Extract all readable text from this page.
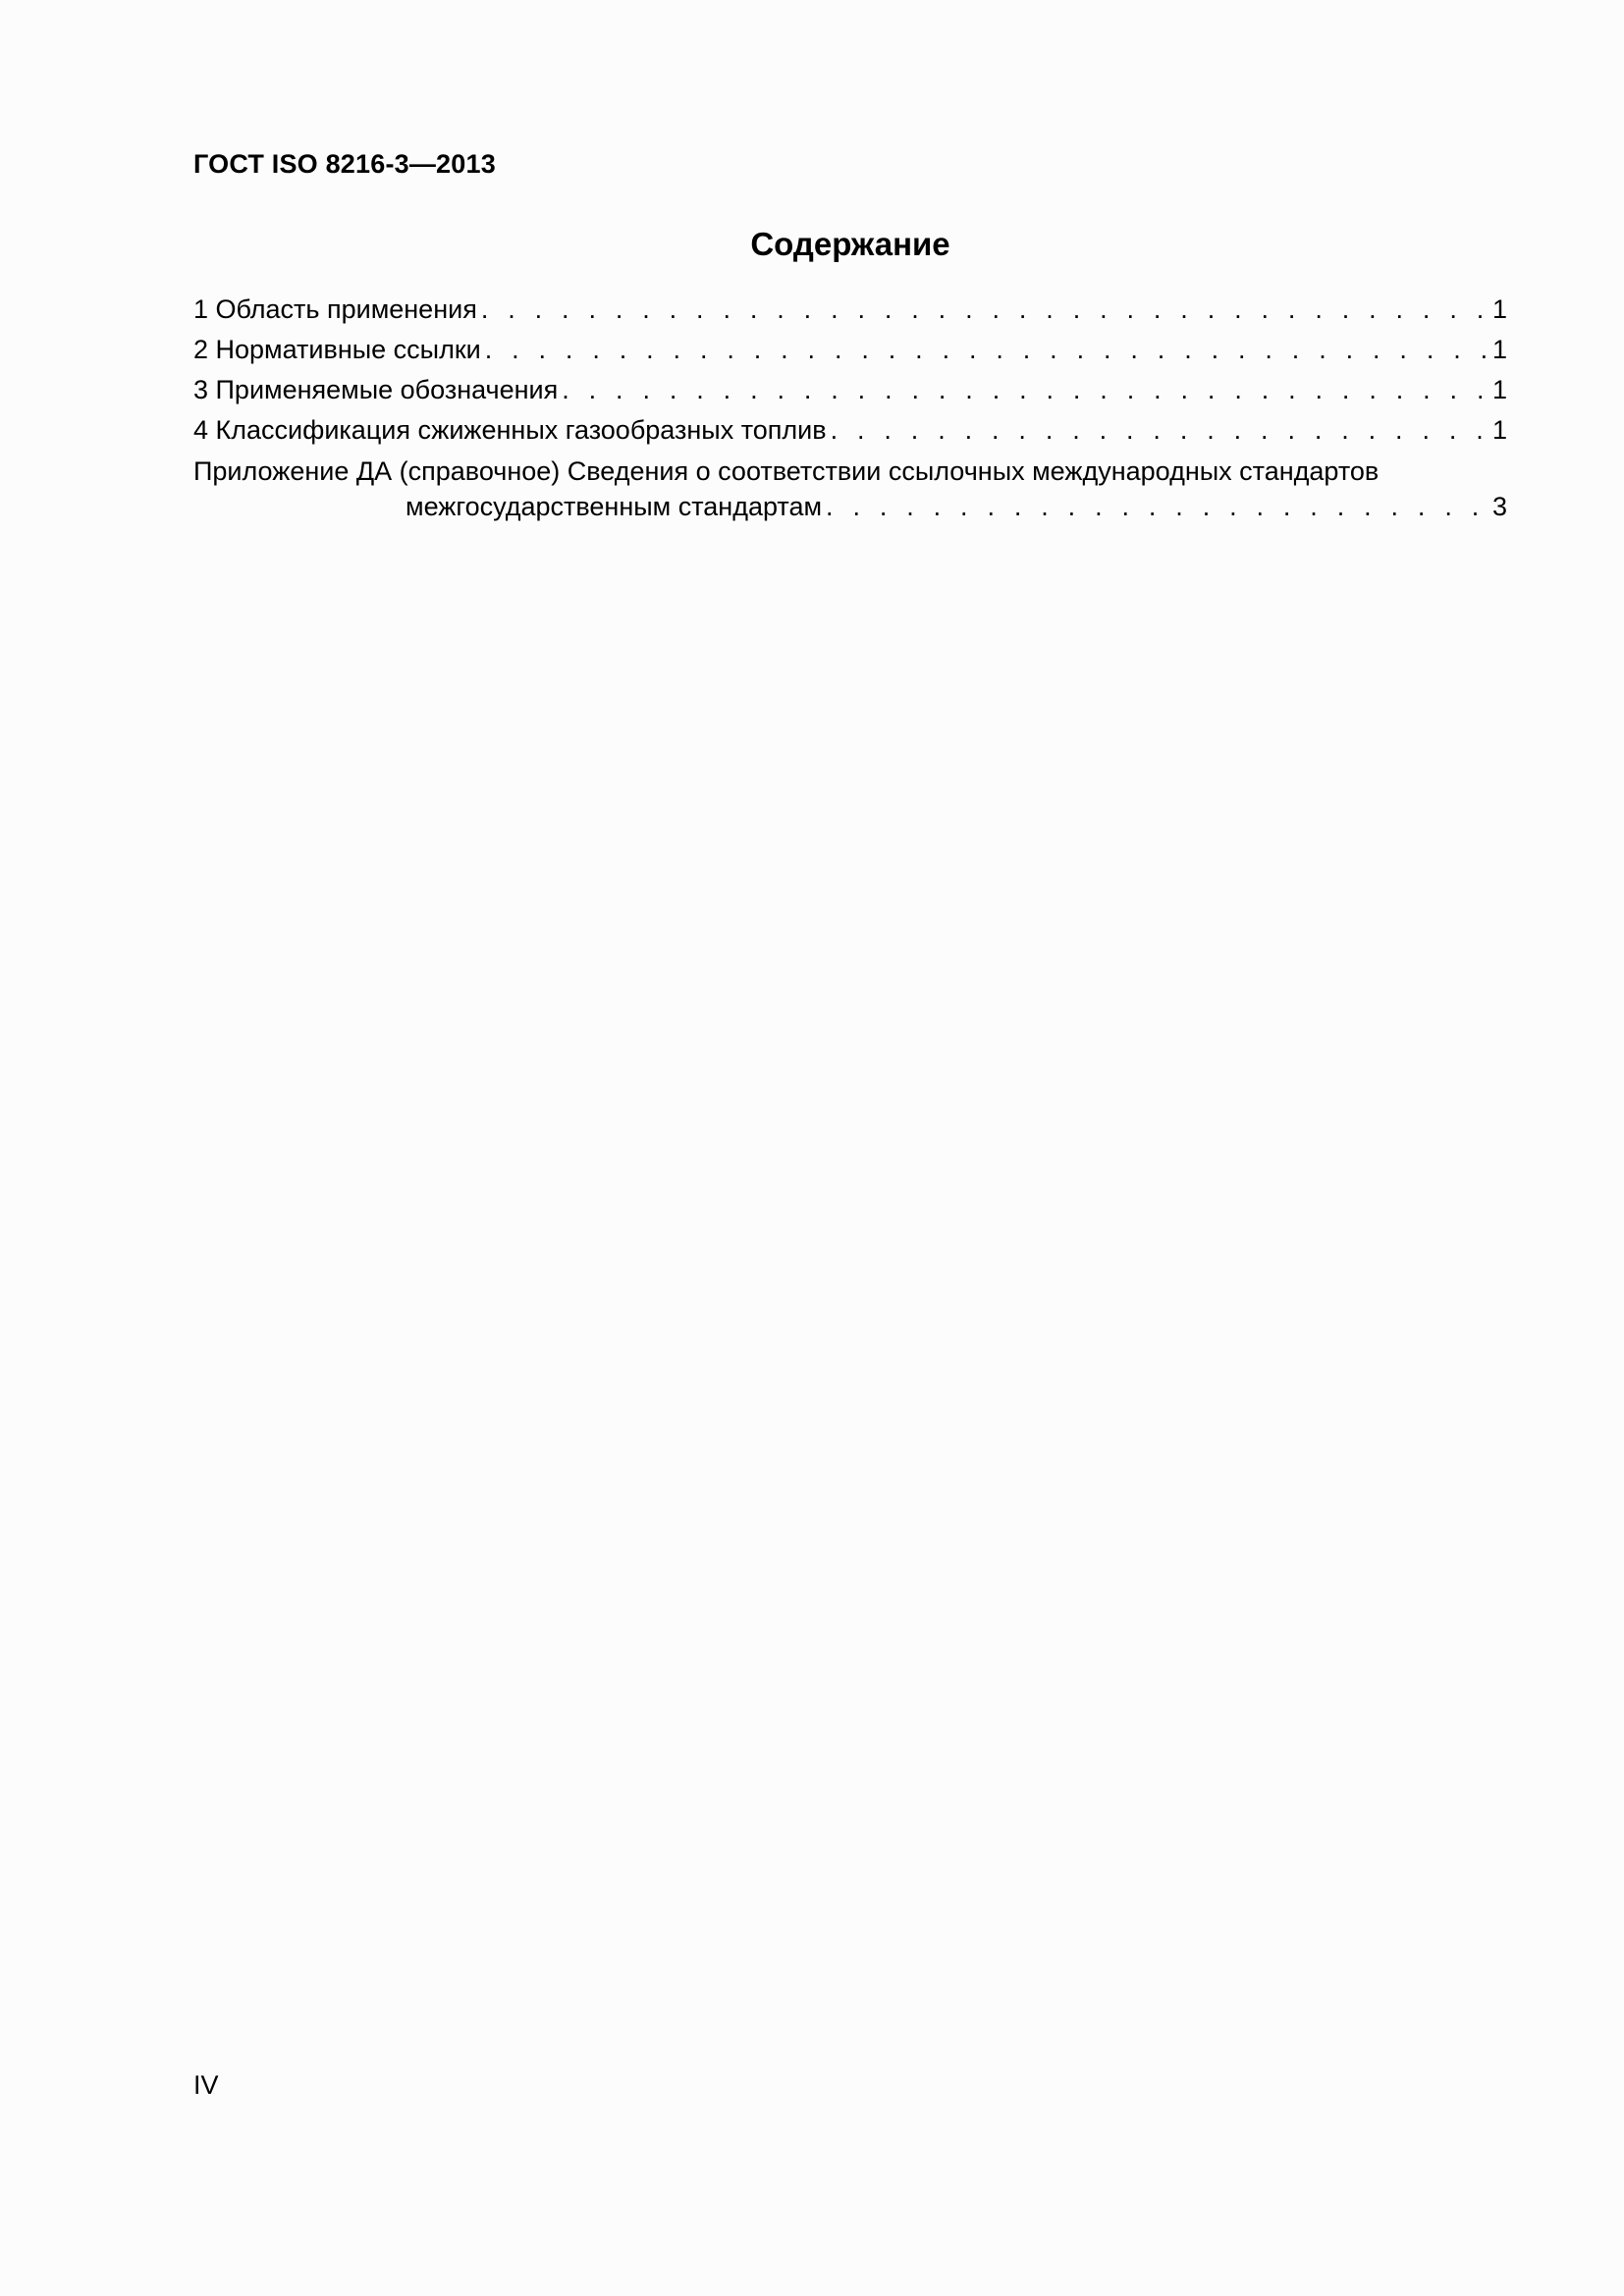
ГОСТ ISO 8216-3—2013
Содержание
1 Область применения . . .	1
2 Нормативные ссылки . . .	1
3 Применяемые обозначения . . .	1
4 Классификация сжиженных газообразных топлив . . .	1
Приложение ДА (справочное) Сведения о соответствии ссылочных международных стандартов
межгосударственным стандартам . . .	3
IV
